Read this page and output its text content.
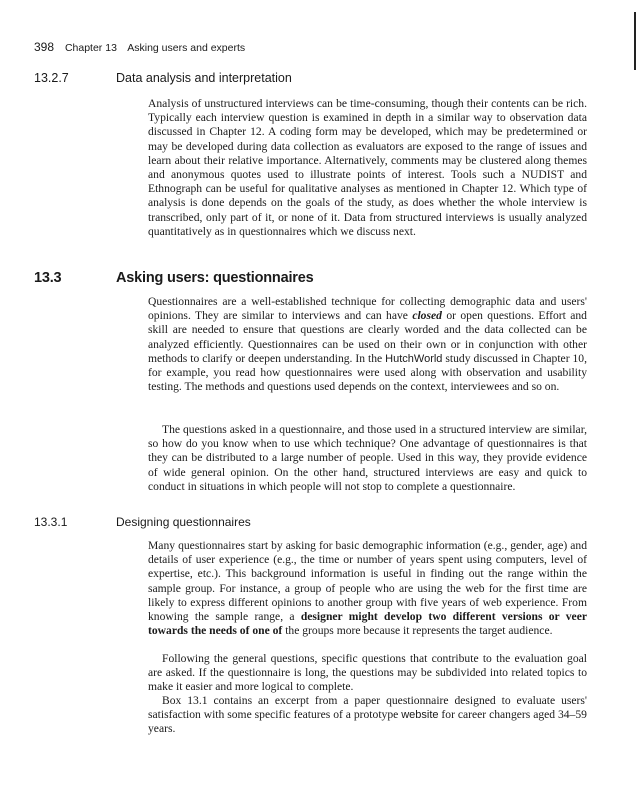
398 Chapter 13 Asking users and experts
13.2.7	Data analysis and interpretation

Analysis of unstructured interviews can be time-consuming, though their contents can be rich. Typically each interview question is examined in depth in a similar way to observation data discussed in Chapter 12. A coding form may be developed, which may be predetermined or may be developed during data collection as evaluators are exposed to the range of issues and learn about their relative importance. Alternatively, comments may be clustered along themes and anonymous quotes used to illustrate points of interest. Tools such a NUDIST and Ethnograph can be useful for qualitative analyses as mentioned in Chapter 12. Which type of analysis is done depends on the goals of the study, as does whether the whole interview is transcribed, only part of it, or none of it. Data from structured interviews is usually analyzed quantitatively as in questionnaires which we discuss next.

13.3	Asking users: questionnaires

Questionnaires are a well-established technique for collecting demographic data and users' opinions. They are similar to interviews and can have closed or open questions. Effort and skill are needed to ensure that questions are clearly worded and the data collected can be analyzed efficiently. Questionnaires can be used on their own or in conjunction with other methods to clarify or deepen understanding. In the HutchWorld study discussed in Chapter 10, for example, you read how questionnaires were used along with observation and usability testing. The methods and questions used depends on the context, interviewees and so on.

The questions asked in a questionnaire, and those used in a structured interview are similar, so how do you know when to use which technique? One advantage of questionnaires is that they can be distributed to a large number of people. Used in this way, they provide evidence of wide general opinion. On the other hand, structured interviews are easy and quick to conduct in situations in which people will not stop to complete a questionnaire.

13.3.1	Designing questionnaires

Many questionnaires start by asking for basic demographic information (e.g., gender, age) and details of user experience (e.g., the time or number of years spent using computers, level of expertise, etc.). This background information is useful in finding out the range within the sample group. For instance, a group of people who are using the web for the first time are likely to express different opinions to another group with five years of web experience. From knowing the sample range, a designer might develop two different versions or veer towards the needs of one of the groups more because it represents the target audience.

Following the general questions, specific questions that contribute to the evaluation goal are asked. If the questionnaire is long, the questions may be subdivided into related topics to make it easier and more logical to complete.

Box 13.1 contains an excerpt from a paper questionnaire designed to evaluate users' satisfaction with some specific features of a prototype website for career changers aged 34–59 years.
